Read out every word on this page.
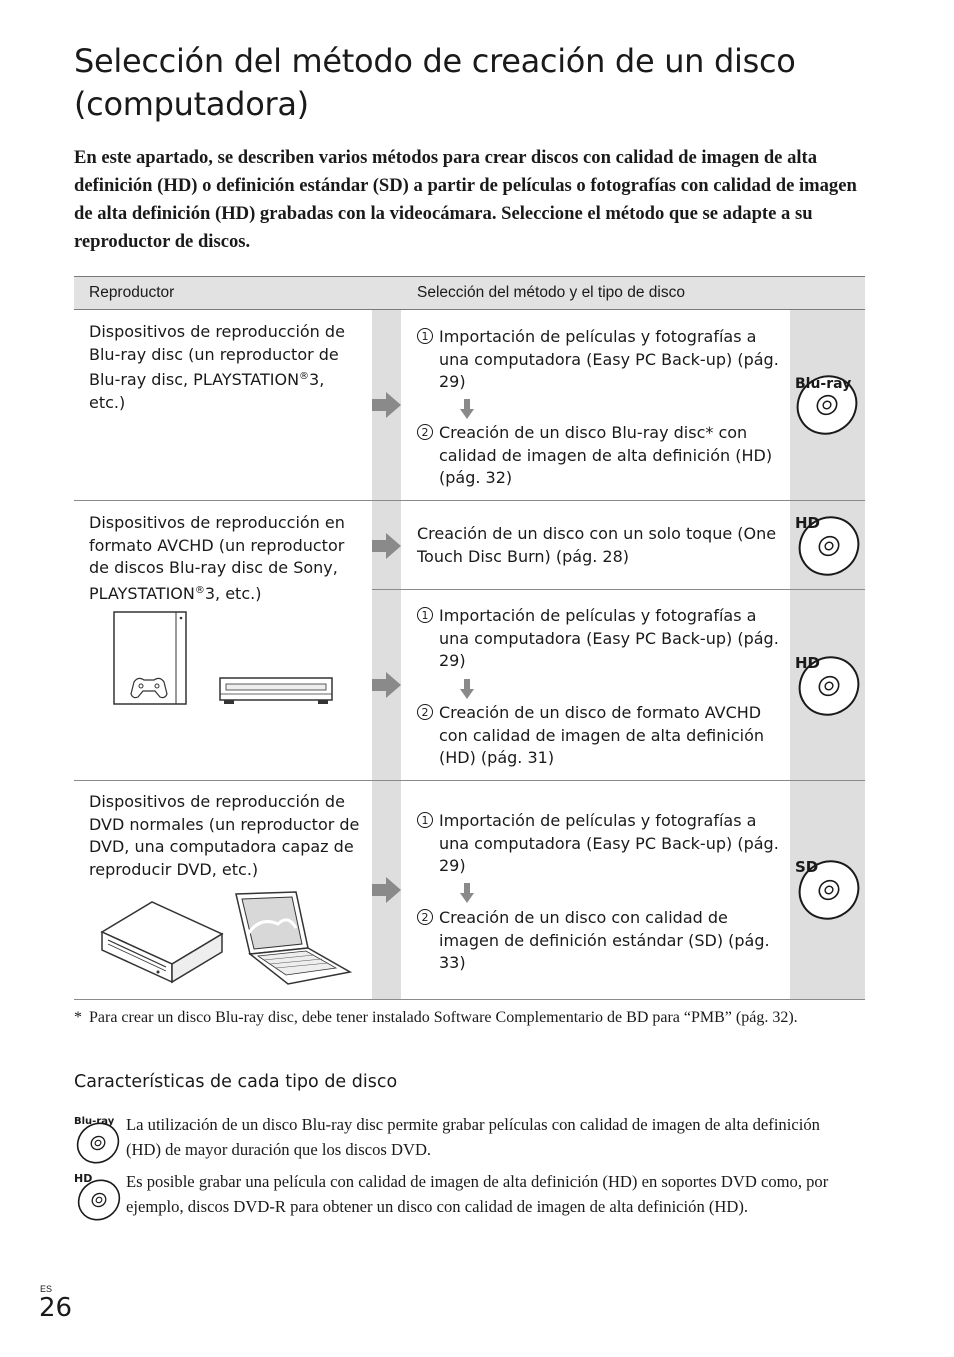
Selección del método de creación de un disco (computadora)

En este apartado, se describen varios métodos para crear discos con calidad de imagen de alta definición (HD) o definición estándar (SD) a partir de películas o fotografías con calidad de imagen de alta definición (HD) grabadas con la videocámara. Seleccione el método que se adapte a su reproductor de discos.

Reproductor	Selección del método y el tipo de disco
Dispositivos de reproducción de Blu-ray disc (un reproductor de Blu-ray disc, PLAYSTATION®3, etc.)
1 Importación de películas y fotografías a una computadora (Easy PC Back-up) (pág. 29)
2 Creación de un disco Blu-ray disc* con calidad de imagen de alta definición (HD) (pág. 32)
Blu-ray
Dispositivos de reproducción en formato AVCHD (un reproductor de discos Blu-ray disc de Sony, PLAYSTATION®3, etc.)
Creación de un disco con un solo toque (One Touch Disc Burn) (pág. 28)
HD
1 Importación de películas y fotografías a una computadora (Easy PC Back-up) (pág. 29)
2 Creación de un disco de formato AVCHD con calidad de imagen de alta definición (HD) (pág. 31)
HD
Dispositivos de reproducción de DVD normales (un reproductor de DVD, una computadora capaz de reproducir DVD, etc.)
1 Importación de películas y fotografías a una computadora (Easy PC Back-up) (pág. 29)
2 Creación de un disco con calidad de imagen de definición estándar (SD) (pág. 33)
SD
* Para crear un disco Blu-ray disc, debe tener instalado Software Complementario de BD para “PMB” (pág. 32).
Características de cada tipo de disco
Blu-ray La utilización de un disco Blu-ray disc permite grabar películas con calidad de imagen de alta definición (HD) de mayor duración que los discos DVD.
HD Es posible grabar una película con calidad de imagen de alta definición (HD) en soportes DVD como, por ejemplo, discos DVD-R para obtener un disco con calidad de imagen de alta definición (HD).
ES
26
